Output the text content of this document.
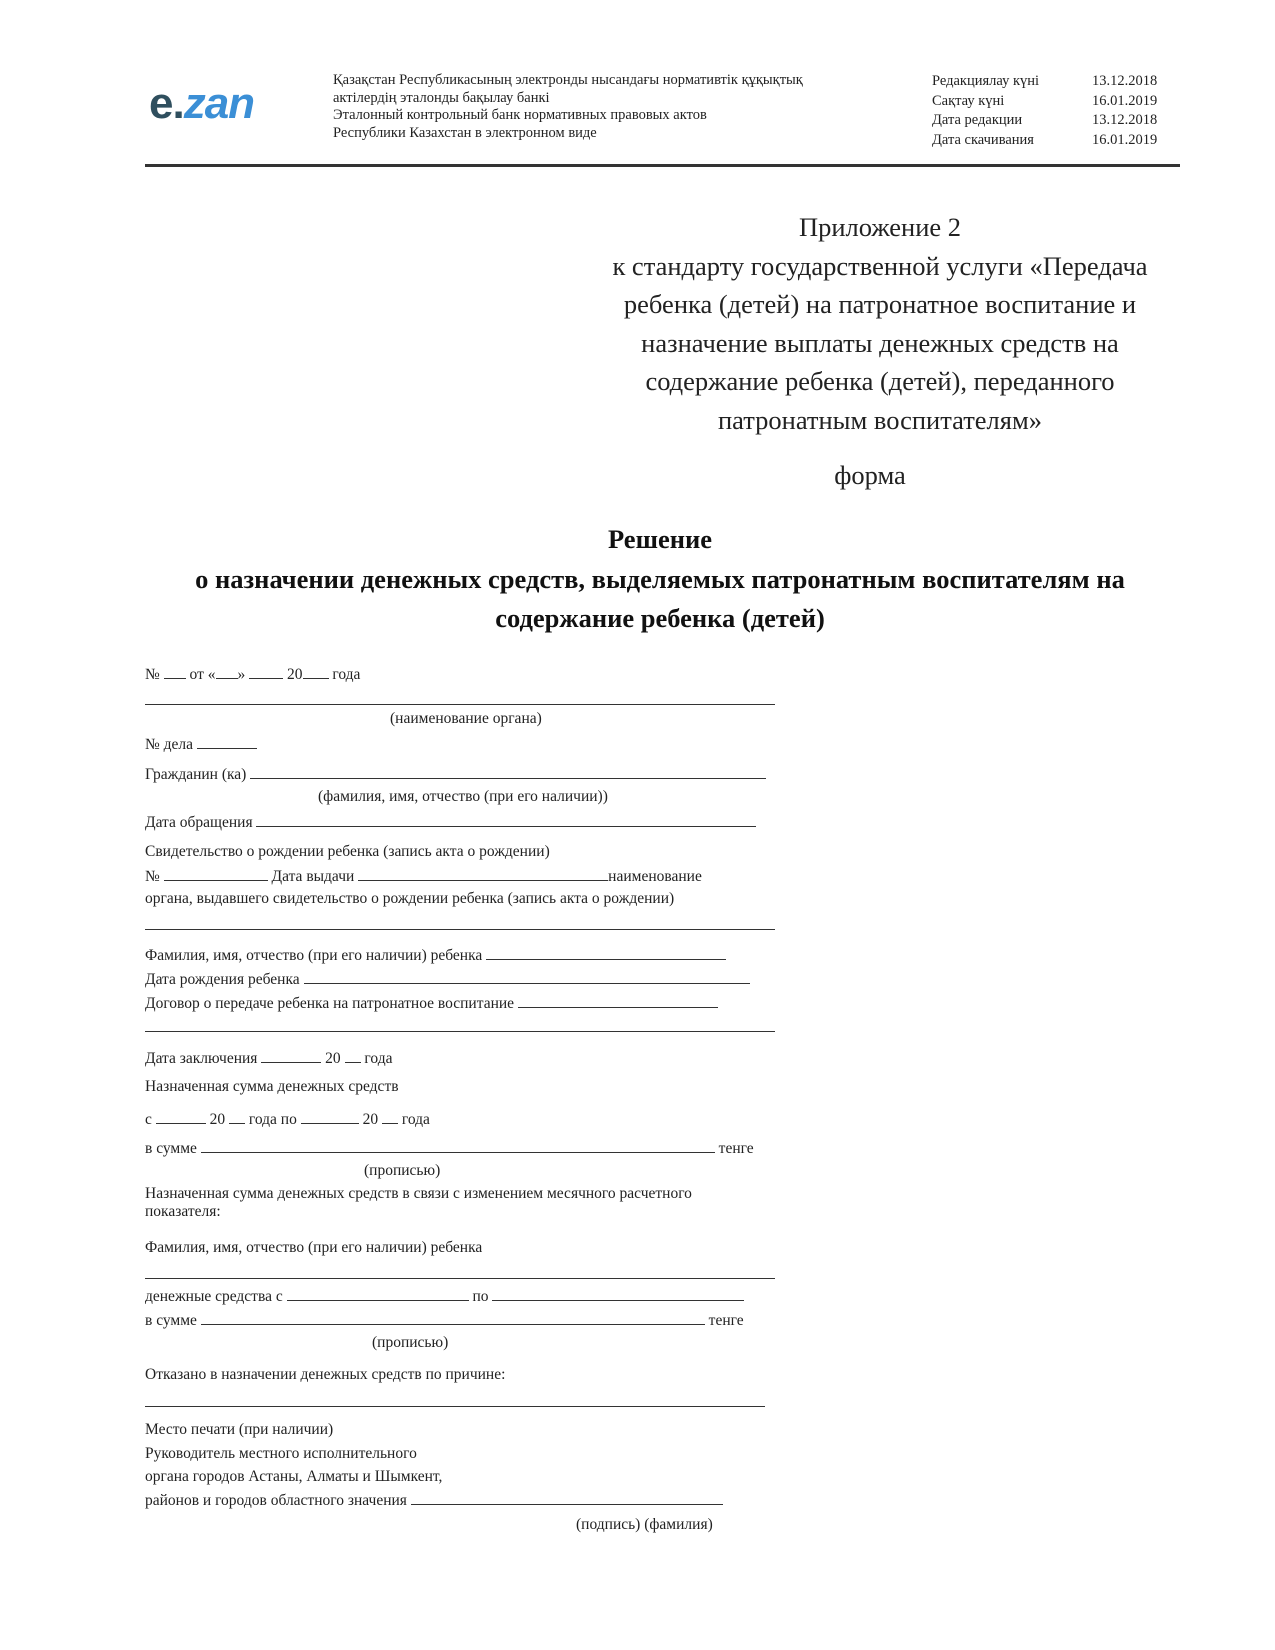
e.zan	Қазақстан Республикасының электронды нысандағы нормативтік құқықтық
актілердің эталонды бақылау банкі
Эталонный контрольный банк нормативных правовых актов
Республики Казахстан в электронном виде
Редакциялау күні	13.12.2018
Сақтау күні	16.01.2019
Дата редакции	13.12.2018
Дата скачивания	16.01.2019
Приложение 2
к стандарту государственной услуги «Передача
ребенка (детей) на патронатное воспитание и
назначение выплаты денежных средств на
содержание ребенка (детей), переданного
патронатным воспитателям»
форма
Решение
о назначении денежных средств, выделяемых патронатным воспитателям на
содержание ребенка (детей)
№ от « »	20 года
(наименование органа)
№ дела
Гражданин (ка)
(фамилия, имя, отчество (при его наличии))
Дата обращения
Свидетельство о рождении ребенка (запись акта о рождении)
№	Дата выдачи	наименование
органа, выдавшего свидетельство о рождении ребенка (запись акта о рождении)
Фамилия, имя, отчество (при его наличии) ребенка
Дата рождения ребенка
Договор о передаче ребенка на патронатное воспитание
Дата заключения	20 года
Назначенная сумма денежных средств
с	20 года по	20 года
в сумме	тенге
(прописью)
Назначенная сумма денежных средств в связи с изменением месячного расчетного
показателя:
Фамилия, имя, отчество (при его наличии) ребенка
денежные средства с	по
в сумме	тенге
(прописью)
Отказано в назначении денежных средств по причине:
Место печати (при наличии)
Руководитель местного исполнительного
органа городов Астаны, Алматы и Шымкент,
районов и городов областного значения
(подпись) (фамилия)
